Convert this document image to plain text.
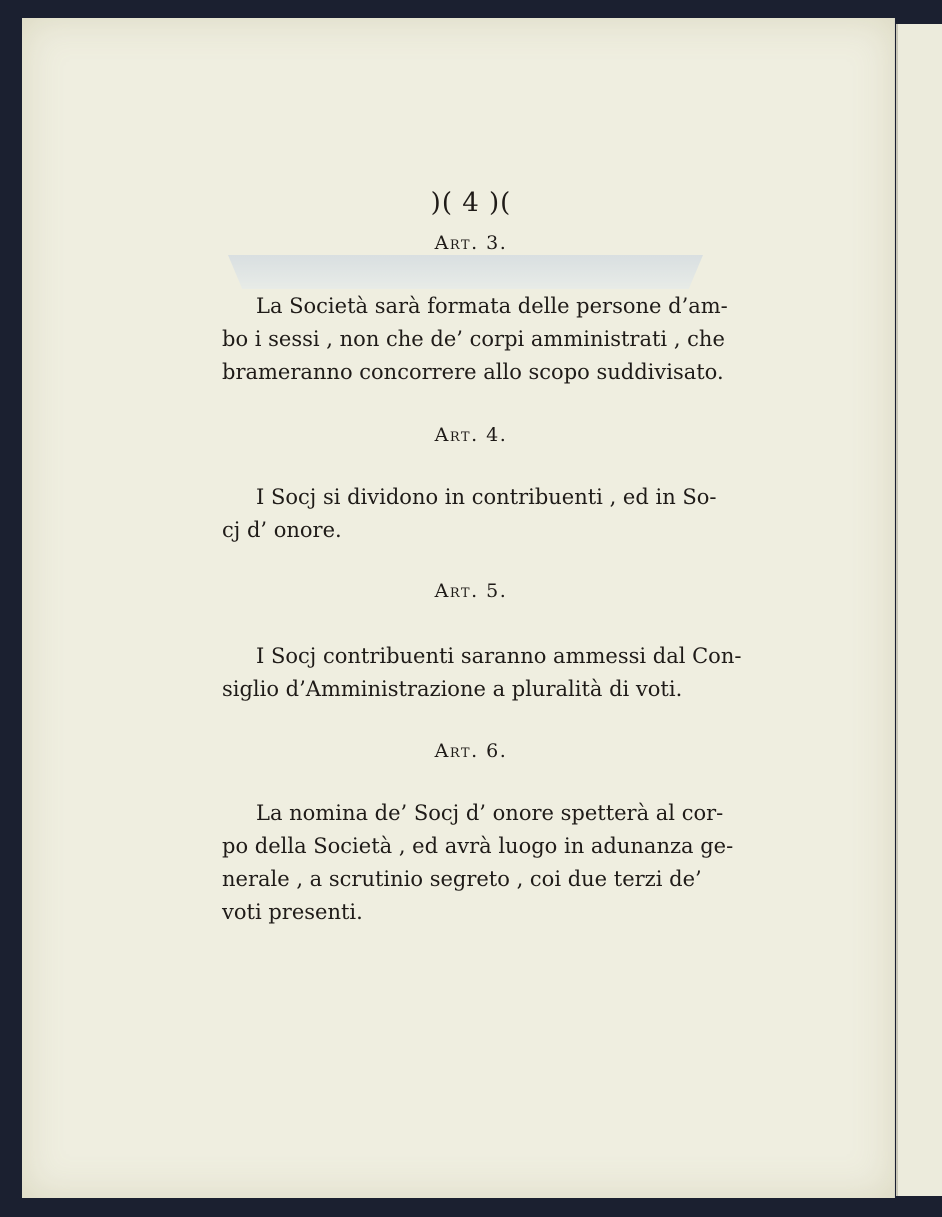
)( 4 )(
Art. 3.
La Società sarà formata delle persone d’am-
bo i sessi , non che de’ corpi amministrati , che
brameranno concorrere allo scopo suddivisato.
Art. 4.
I Socj si dividono in contribuenti , ed in So-
cj d’ onore.
Art. 5.
I Socj contribuenti saranno ammessi dal Con-
siglio d’Amministrazione a pluralità di voti.
Art. 6.
La nomina de’ Socj d’ onore spetterà al cor-
po della Società , ed avrà luogo in adunanza ge-
nerale , a scrutinio segreto , coi due terzi de’
voti presenti.
